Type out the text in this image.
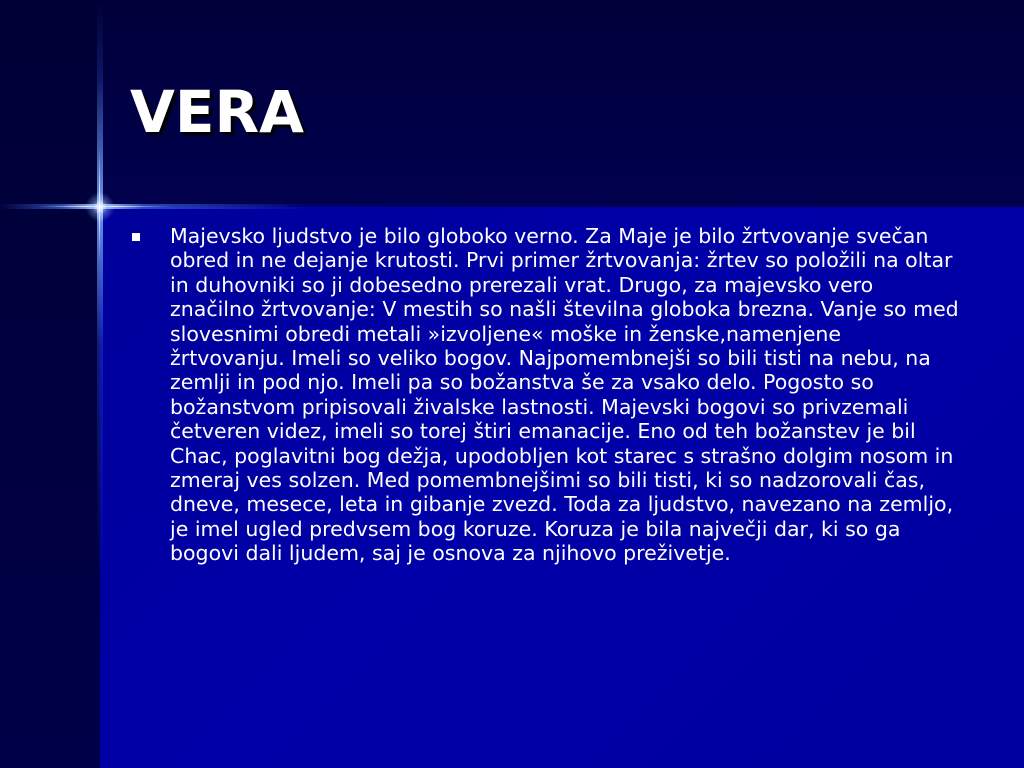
VERA
Majevsko ljudstvo je bilo globoko verno. Za Maje je bilo žrtvovanje svečan obred in ne dejanje krutosti. Prvi primer žrtvovanja: žrtev so položili na oltar in duhovniki so ji dobesedno prerezali vrat. Drugo, za majevsko vero značilno žrtvovanje: V mestih so našli številna globoka brezna. Vanje so med slovesnimi obredi metali »izvoljene« moške in ženske,namenjene žrtvovanju. Imeli so veliko bogov. Najpomembnejši so bili tisti na nebu, na zemlji in pod njo. Imeli pa so božanstva še za vsako delo. Pogosto so božanstvom pripisovali živalske lastnosti. Majevski bogovi so privzemali četveren videz, imeli so torej štiri emanacije. Eno od teh božanstev je bil Chac, poglavitni bog dežja, upodobljen kot starec s strašno dolgim nosom in zmeraj ves solzen. Med pomembnejšimi so bili tisti, ki so nadzorovali čas, dneve, mesece, leta in gibanje zvezd. Toda za ljudstvo, navezano na zemljo, je imel ugled predvsem bog koruze. Koruza je bila največji dar, ki so ga bogovi dali ljudem, saj je osnova za njihovo preživetje.
